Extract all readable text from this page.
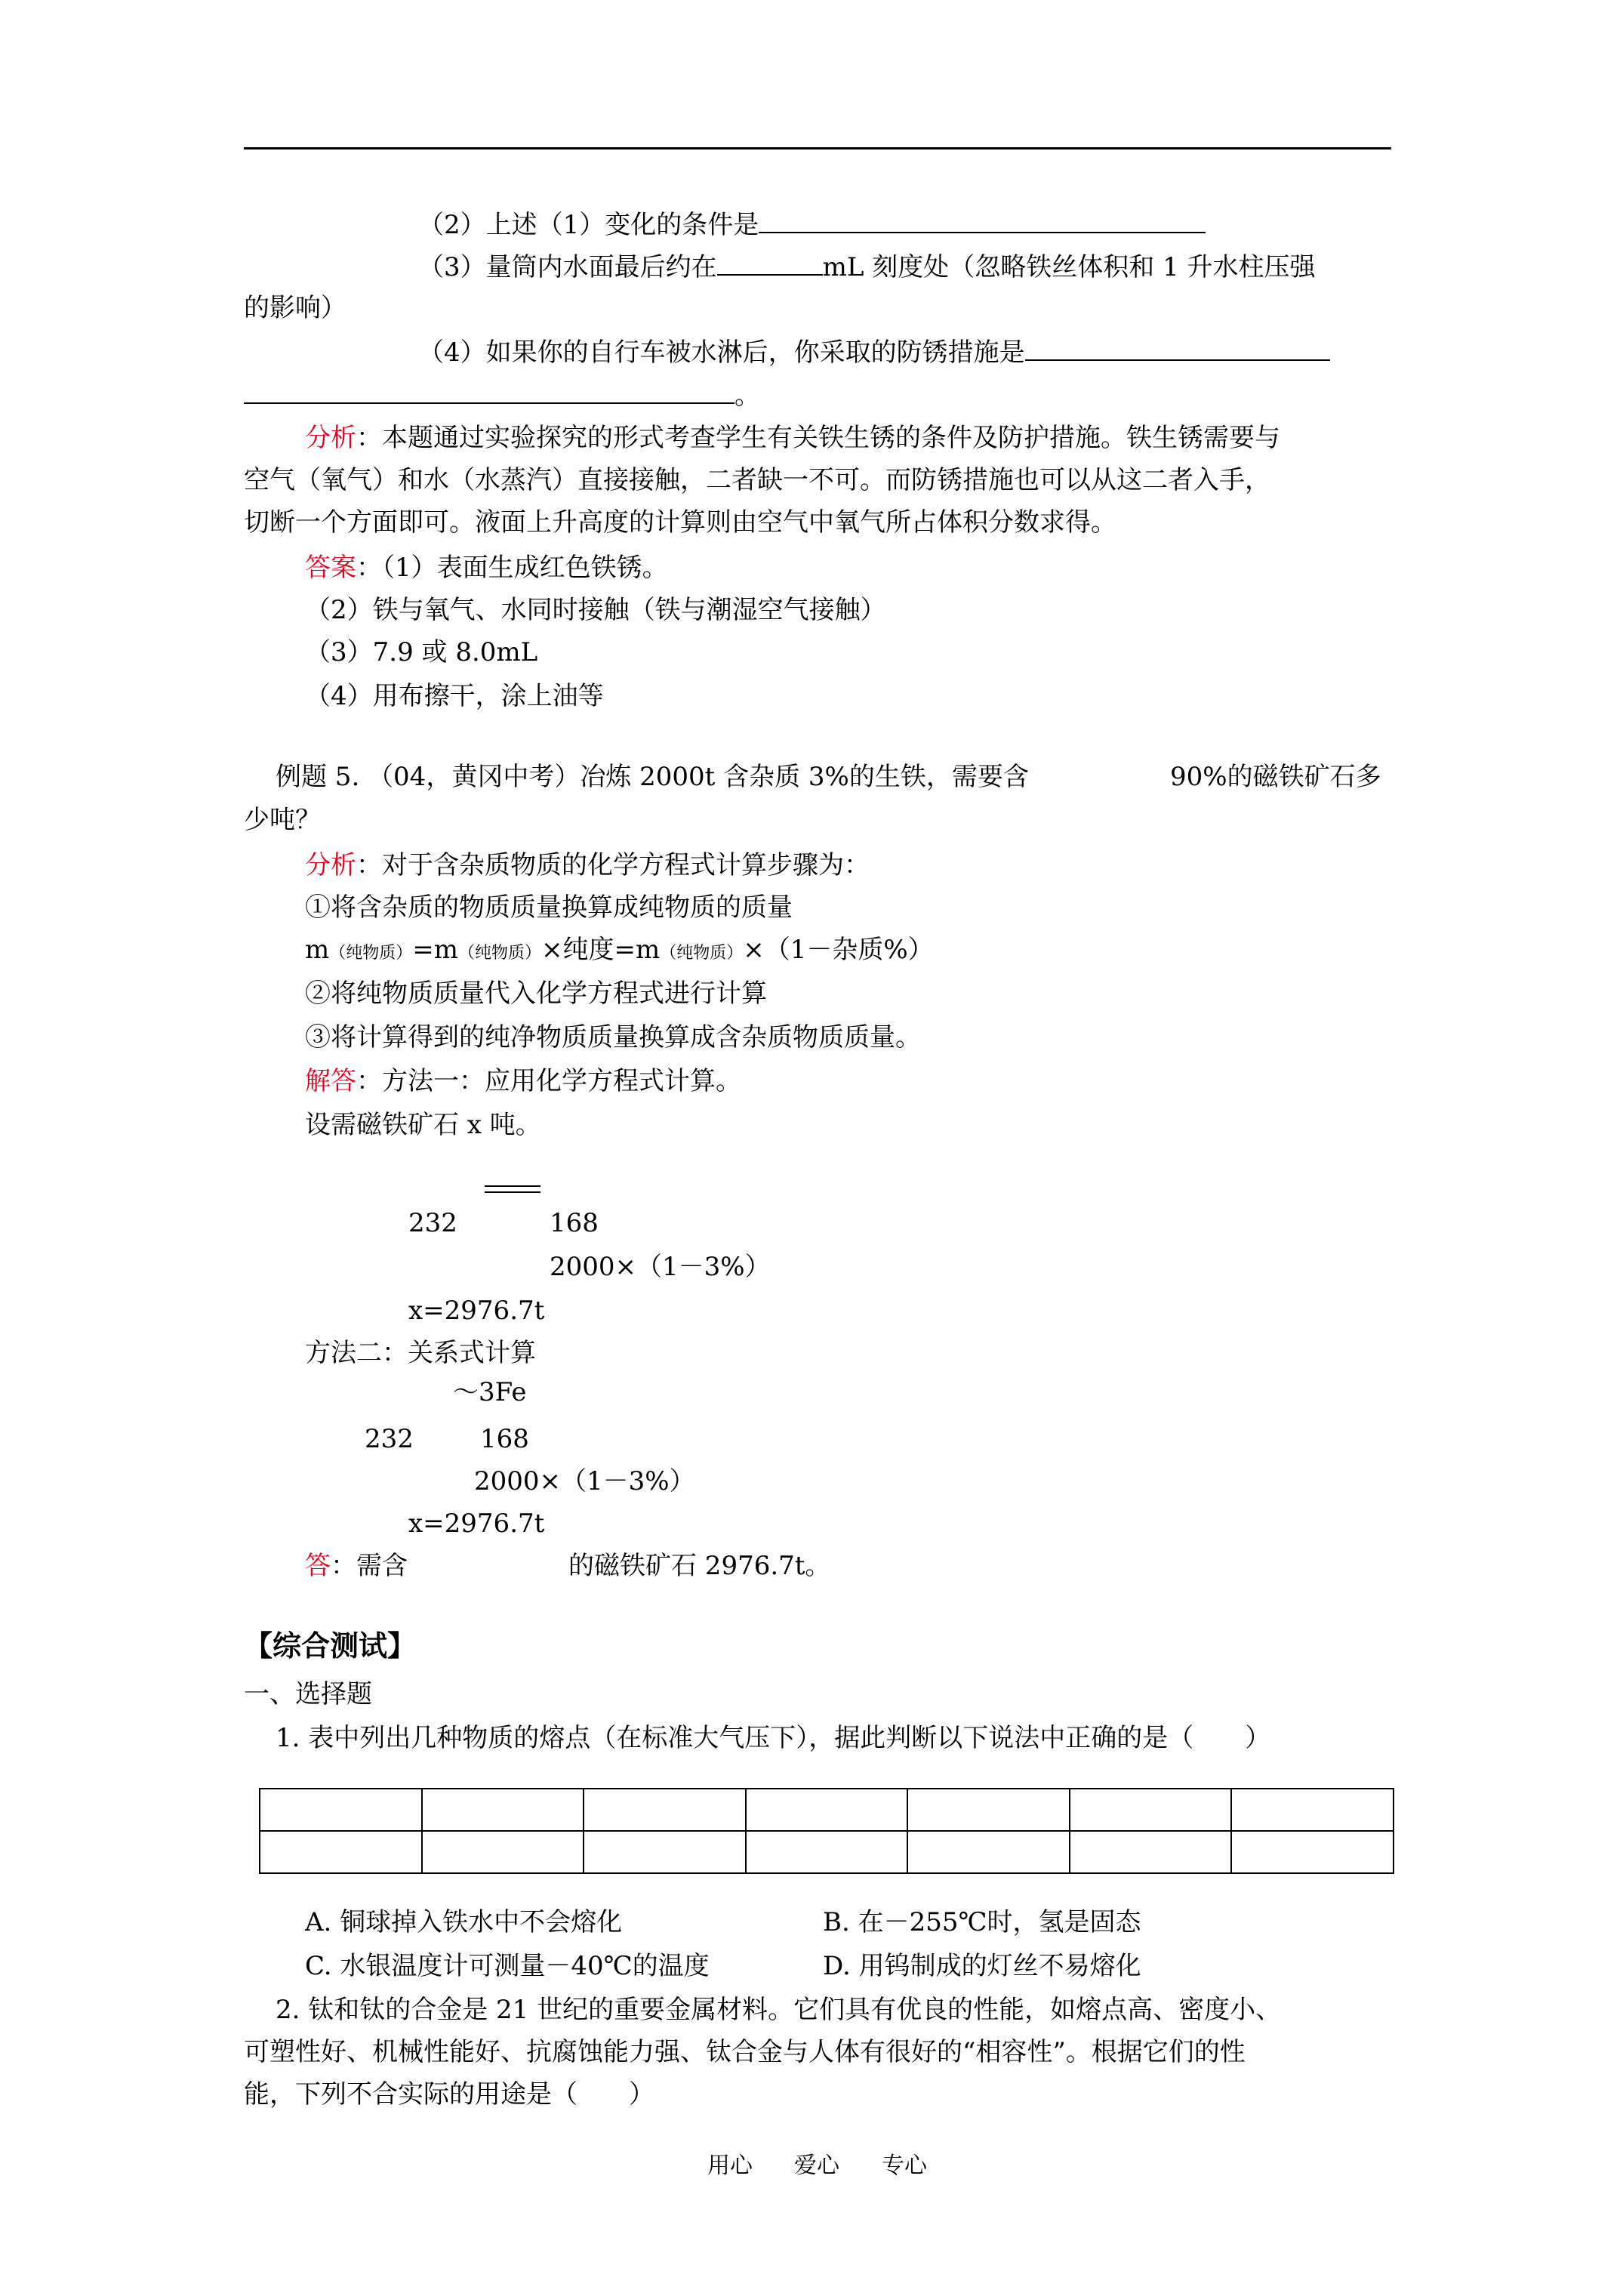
（2）上述（1）变化的条件是
（3）量筒内水面最后约在	mL 刻度处（忽略铁丝体积和 1 升水柱压强
的影响）
（4）如果你的自行车被水淋后，你采取的防锈措施是
。
分析：本题通过实验探究的形式考查学生有关铁生锈的条件及防护措施。铁生锈需要与
空气（氧气）和水（水蒸汽）直接接触，二者缺一不可。而防锈措施也可以从这二者入手，
切断一个方面即可。液面上升高度的计算则由空气中氧气所占体积分数求得。
答案：（1）表面生成红色铁锈。
（2）铁与氧气、水同时接触（铁与潮湿空气接触）
（3）7.9 或 8.0mL
（4）用布擦干，涂上油等
例题 5. （04，黄冈中考）冶炼 2000t 含杂质 3%的生铁，需要含	90%的磁铁矿石多
少吨？
分析：对于含杂质物质的化学方程式计算步骤为：
①将含杂质的物质质量换算成纯物质的质量
m（纯物质）=m（纯物质）×纯度=m（纯物质）×（1－杂质%）
②将纯物质质量代入化学方程式进行计算
③将计算得到的纯净物质质量换算成含杂质物质质量。
解答：方法一：应用化学方程式计算。
设需磁铁矿石 x 吨。
232	168
2000×（1－3%）
x=2976.7t
方法二：关系式计算
～3Fe
232	168
2000×（1－3%）
x=2976.7t
答：需含	的磁铁矿石 2976.7t。
【综合测试】
一、选择题
1. 表中列出几种物质的熔点（在标准大气压下），据此判断以下说法中正确的是（　　）

A. 铜球掉入铁水中不会熔化	B. 在－255℃时，氢是固态
C. 水银温度计可测量－40℃的温度	D. 用钨制成的灯丝不易熔化
2. 钛和钛的合金是 21 世纪的重要金属材料。它们具有优良的性能，如熔点高、密度小、
可塑性好、机械性能好、抗腐蚀能力强、钛合金与人体有很好的“相容性”。根据它们的性
能，下列不合实际的用途是（　　）
用心 爱心 专心
